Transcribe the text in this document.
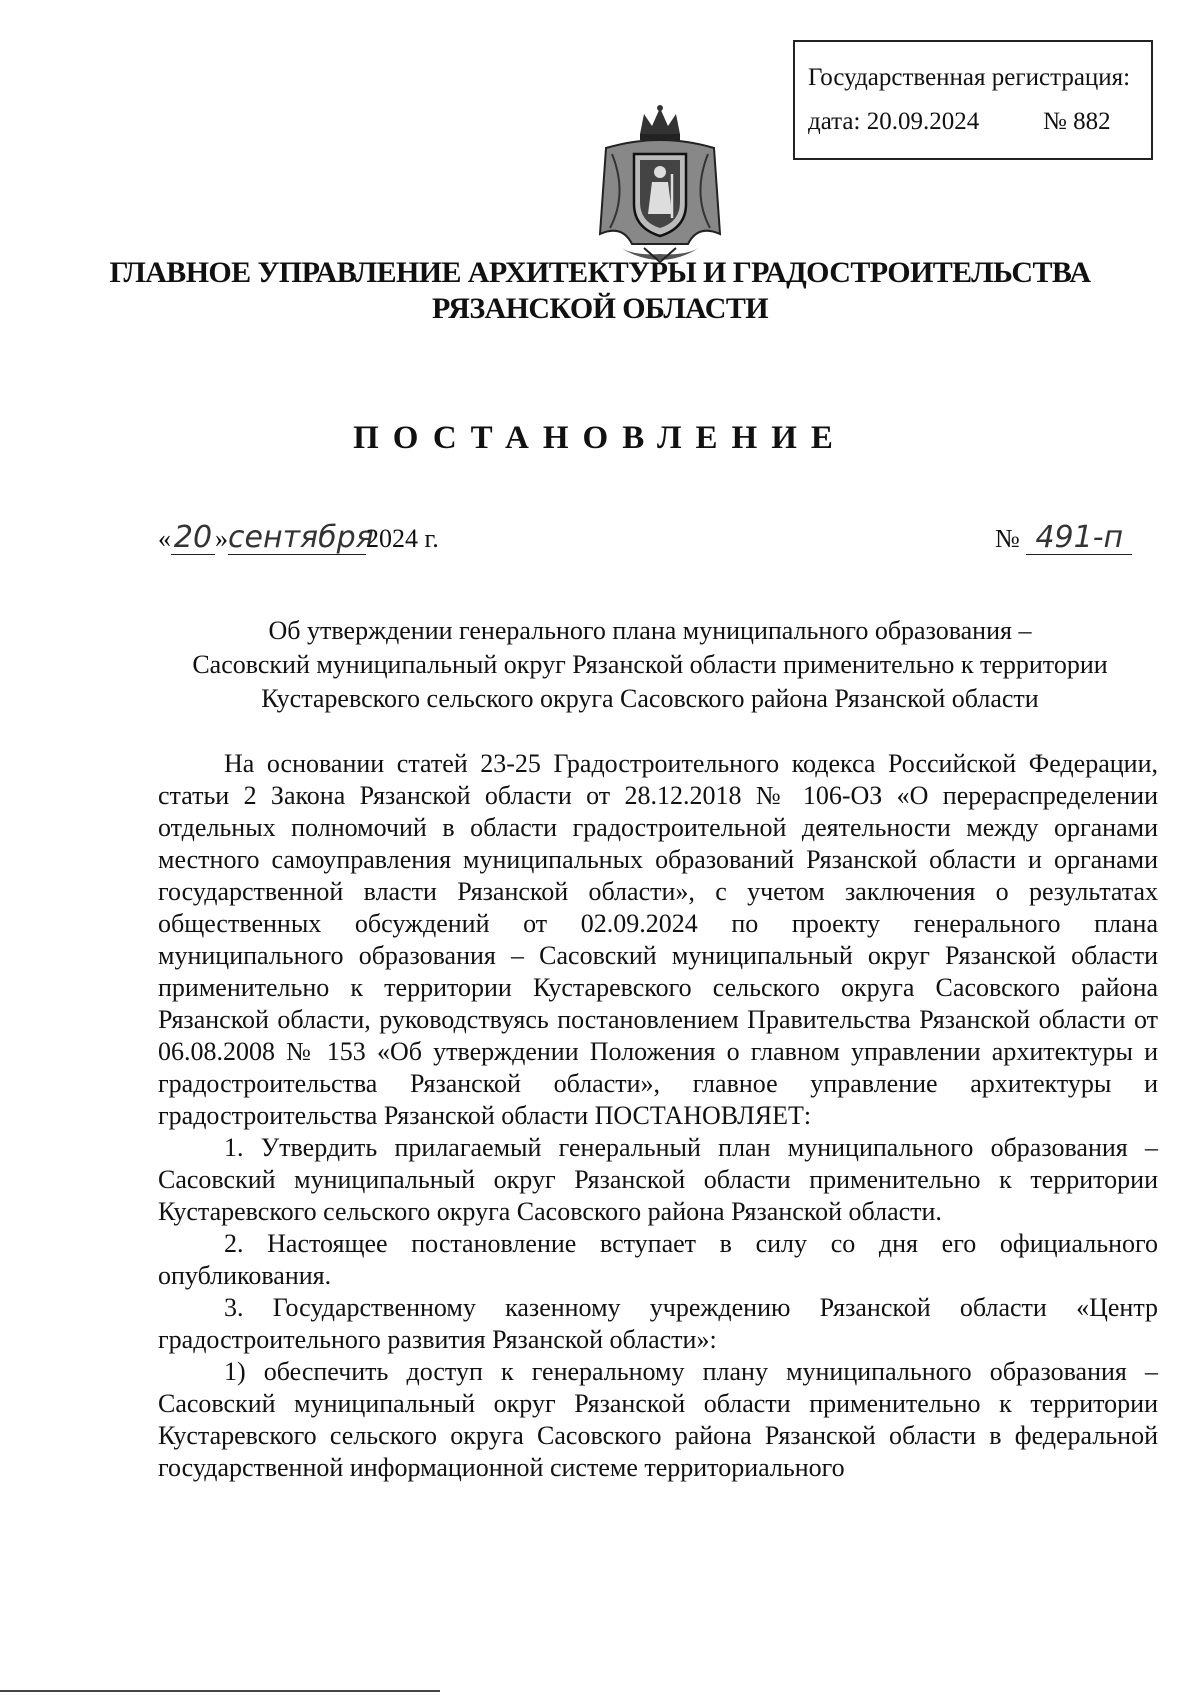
Государственная регистрация:
дата: 20.09.2024	№ 882
ГЛАВНОЕ УПРАВЛЕНИЕ АРХИТЕКТУРЫ И ГРАДОСТРОИТЕЛЬСТВА
РЯЗАНСКОЙ ОБЛАСТИ
ПОСТАНОВЛЕНИЕ
«20 »сентября2024 г.	№ 491-п
Об утверждении генерального плана муниципального образования –
Сасовский муниципальный округ Рязанской области применительно к территории
Кустаревского сельского округа Сасовского района Рязанской области

На основании статей 23-25 Градостроительного кодекса Российской Федерации, статьи 2 Закона Рязанской области от 28.12.2018 № 106-ОЗ «О перераспределении отдельных полномочий в области градостроительной деятельности между органами местного самоуправления муниципальных образований Рязанской области и органами государственной власти Рязанской области», с учетом заключения о результатах общественных обсуждений от 02.09.2024 по проекту генерального плана муниципального образования – Сасовский муниципальный округ Рязанской области применительно к территории Кустаревского сельского округа Сасовского района Рязанской области, руководствуясь постановлением Правительства Рязанской области от 06.08.2008 № 153 «Об утверждении Положения о главном управлении архитектуры и градостроительства Рязанской области», главное управление архитектуры и градостроительства Рязанской области ПОСТАНОВЛЯЕТ:

1. Утвердить прилагаемый генеральный план муниципального образования – Сасовский муниципальный округ Рязанской области применительно к территории Кустаревского сельского округа Сасовского района Рязанской области.

2. Настоящее постановление вступает в силу со дня его официального опубликования.

3. Государственному казенному учреждению Рязанской области «Центр градостроительного развития Рязанской области»:

1) обеспечить доступ к генеральному плану муниципального образования – Сасовский муниципальный округ Рязанской области применительно к территории Кустаревского сельского округа Сасовского района Рязанской области в федеральной государственной информационной системе территориального
